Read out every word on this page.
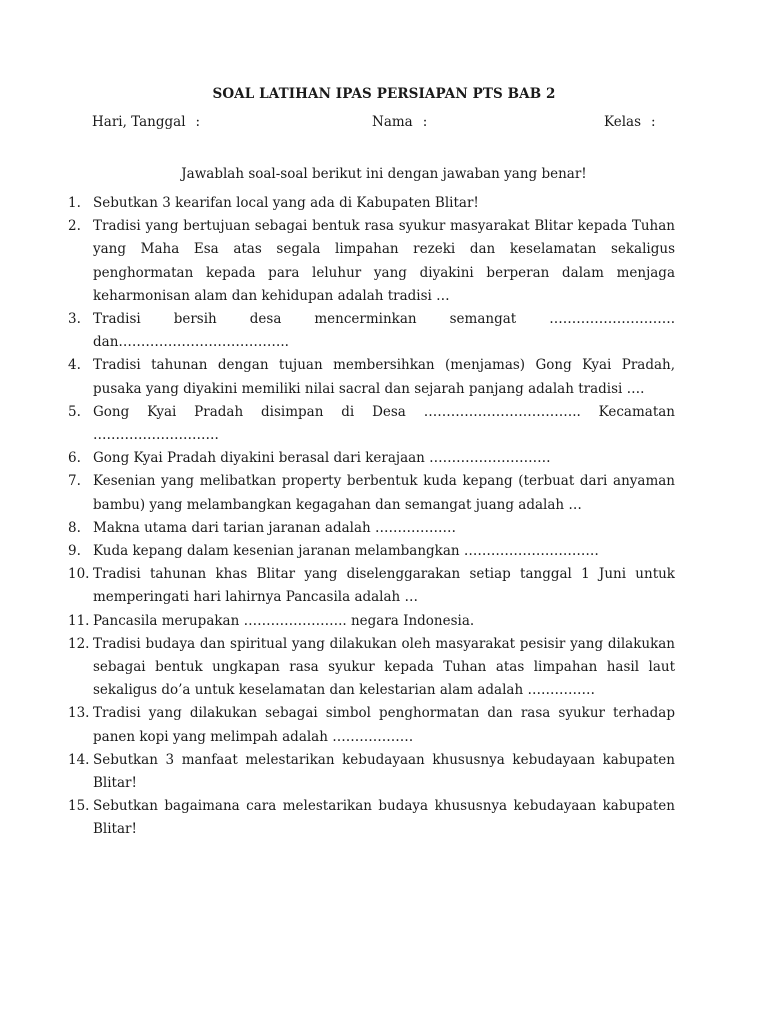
SOAL LATIHAN IPAS PERSIAPAN PTS BAB 2
Hari, Tanggal :	Nama :	Kelas :
Jawablah soal-soal berikut ini dengan jawaban yang benar!
1. Sebutkan 3 kearifan local yang ada di Kabupaten Blitar!
2. Tradisi yang bertujuan sebagai bentuk rasa syukur masyarakat Blitar kepada Tuhan yang Maha Esa atas segala limpahan rezeki dan keselamatan sekaligus penghormatan kepada para leluhur yang diyakini berperan dalam menjaga keharmonisan alam dan kehidupan adalah tradisi …
3. Tradisi bersih desa mencerminkan semangat ………………………. dan………………………………..
4. Tradisi tahunan dengan tujuan membersihkan (menjamas) Gong Kyai Pradah, pusaka yang diyakini memiliki nilai sacral dan sejarah panjang adalah tradisi ….
5. Gong Kyai Pradah disimpan di Desa …………………………….. Kecamatan ……………………….
6. Gong Kyai Pradah diyakini berasal dari kerajaan ………………………
7. Kesenian yang melibatkan property berbentuk kuda kepang (terbuat dari anyaman bambu) yang melambangkan kegagahan dan semangat juang adalah …
8. Makna utama dari tarian jaranan adalah ………………
9. Kuda kepang dalam kesenian jaranan melambangkan …………………………
10. Tradisi tahunan khas Blitar yang diselenggarakan setiap tanggal 1 Juni untuk memperingati hari lahirnya Pancasila adalah …
11. Pancasila merupakan ………………….. negara Indonesia.
12. Tradisi budaya dan spiritual yang dilakukan oleh masyarakat pesisir yang dilakukan sebagai bentuk ungkapan rasa syukur kepada Tuhan atas limpahan hasil laut sekaligus do’a untuk keselamatan dan kelestarian alam adalah ……………
13. Tradisi yang dilakukan sebagai simbol penghormatan dan rasa syukur terhadap panen kopi yang melimpah adalah ………………
14. Sebutkan 3 manfaat melestarikan kebudayaan khususnya kebudayaan kabupaten Blitar!
15. Sebutkan bagaimana cara melestarikan budaya khususnya kebudayaan kabupaten Blitar!
